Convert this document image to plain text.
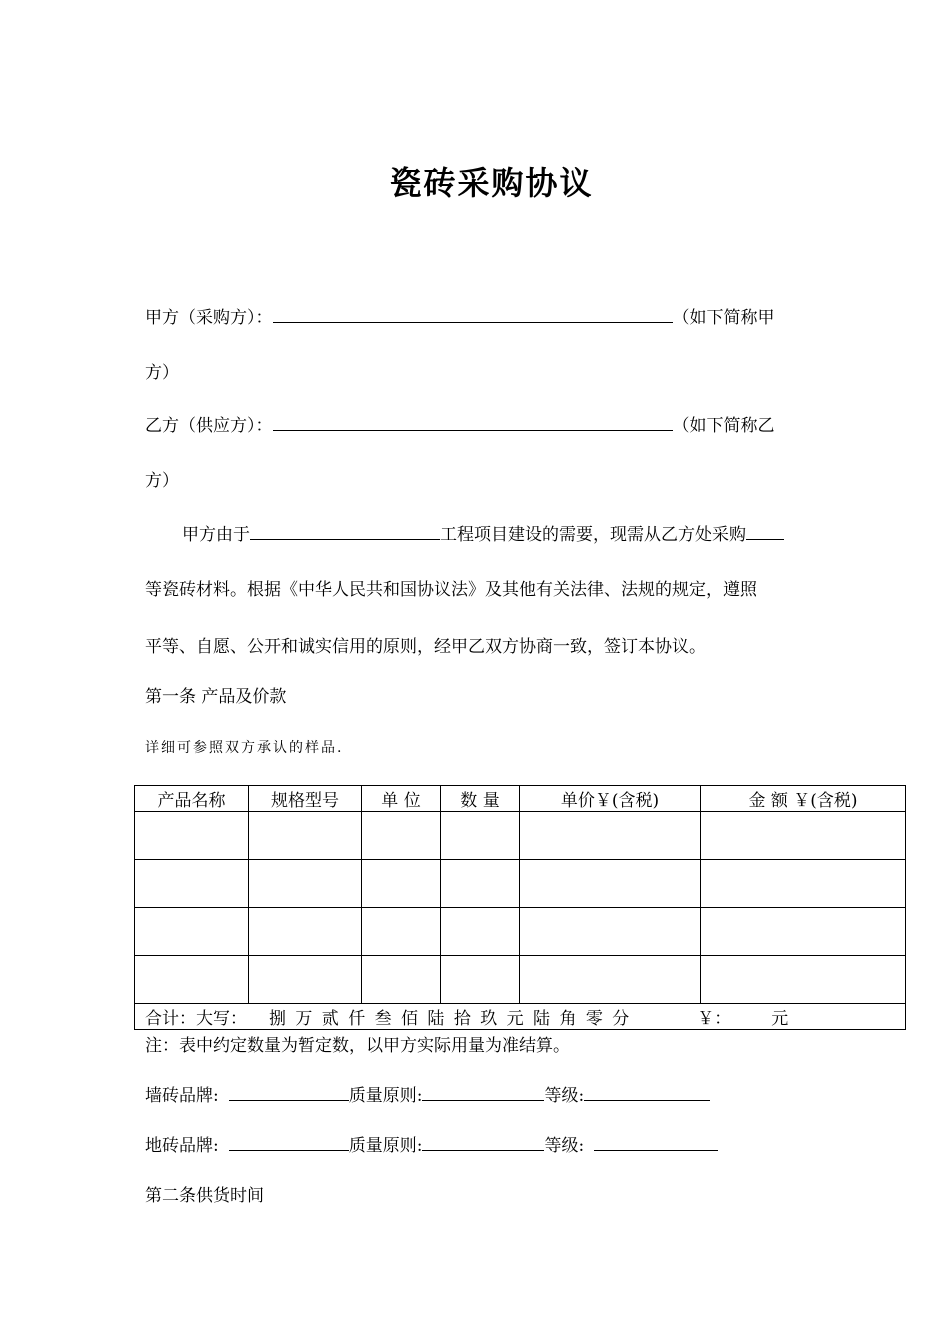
瓷砖采购协议
甲方（采购方）：	（如下简称甲
方）
乙方（供应方）：	（如下简称乙
方）
甲方由于	工程项目建设的需要，现需从乙方处采购
等瓷砖材料。根据《中华人民共和国协议法》及其他有关法律、法规的规定，遵照
平等、自愿、公开和诚实信用的原则，经甲乙双方协商一致，签订本协议。
第一条 产品及价款
详细可参照双方承认的样品.
产品名称	规格型号	单 位	数 量	单价￥(含税)	金 额 ￥(含税)

合计：大写： 捌 万 贰 仟 叁 佰 陆 拾 玖 元 陆 角 零 分 ￥： 元					
注：表中约定数量为暂定数，以甲方实际用量为准结算。
墙砖品牌:	质量原则:	等级:
地砖品牌:	质量原则:	等级:
第二条供货时间
